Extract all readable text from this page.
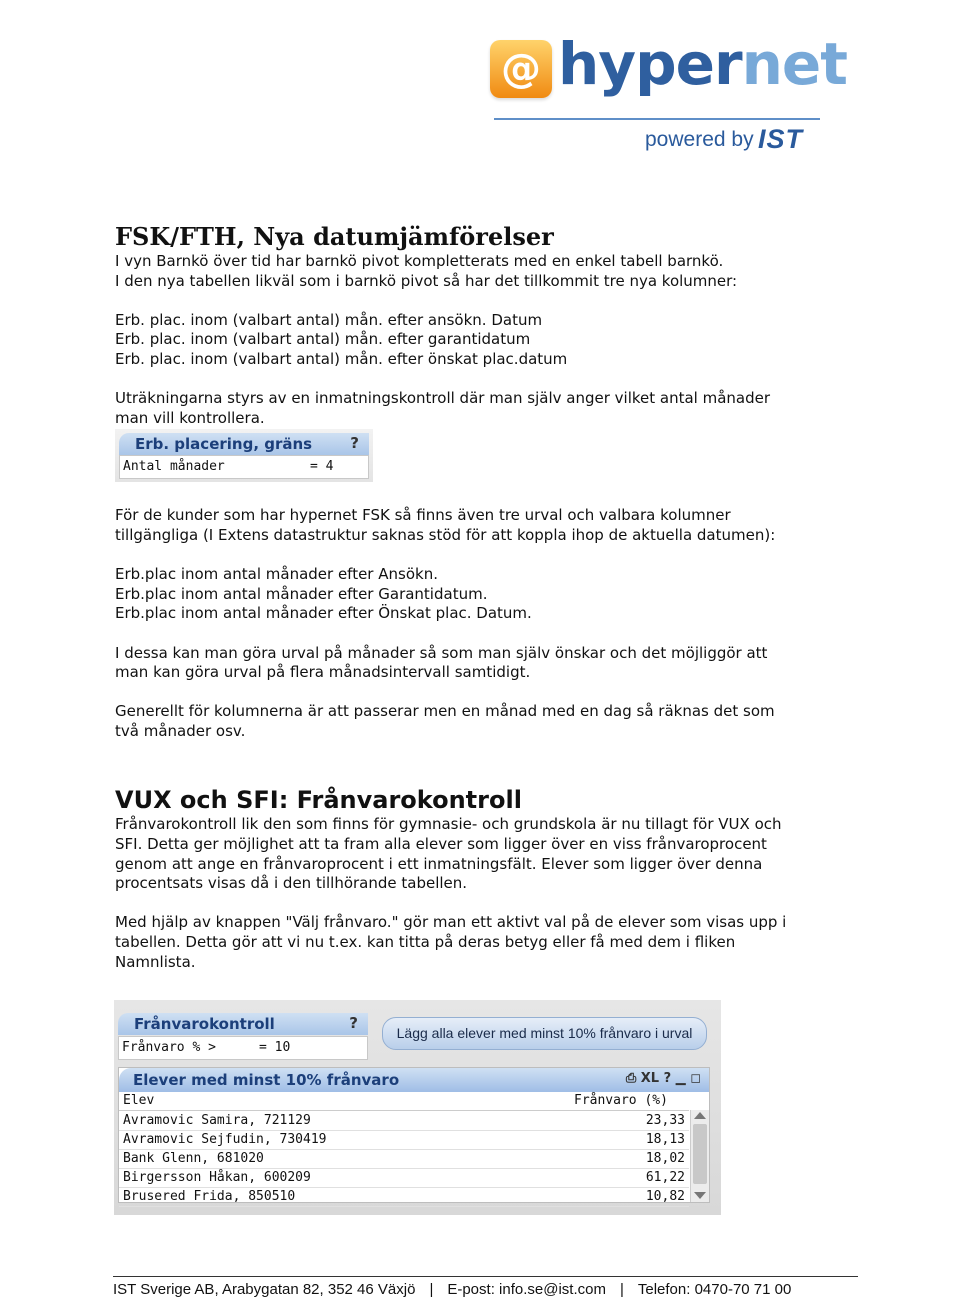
@ hypernet
powered by IST
FSK/FTH, Nya datumjämförelser
I vyn Barnkö över tid har barnkö pivot kompletterats med en enkel tabell barnkö.
I den nya tabellen likväl som i barnkö pivot så har det tillkommit tre nya kolumner:
Erb. plac. inom (valbart antal) mån. efter ansökn. Datum
Erb. plac. inom (valbart antal) mån. efter garantidatum
Erb. plac. inom (valbart antal) mån. efter önskat plac.datum
Uträkningarna styrs av en inmatningskontroll där man själv anger vilket antal månader
man vill kontrollera.
För de kunder som har hypernet FSK så finns även tre urval och valbara kolumner
tillgängliga (I Extens datastruktur saknas stöd för att koppla ihop de aktuella datumen):
Erb.plac inom antal månader efter Ansökn.
Erb.plac inom antal månader efter Garantidatum.
Erb.plac inom antal månader efter Önskat plac. Datum.
I dessa kan man göra urval på månader så som man själv önskar och det möjliggör att
man kan göra urval på flera månadsintervall samtidigt.
Generellt för kolumnerna är att passerar men en månad med en dag så räknas det som
två månader osv.
VUX och SFI: Frånvarokontroll
Frånvarokontroll lik den som finns för gymnasie- och grundskola är nu tillagt för VUX och
SFI. Detta ger möjlighet att ta fram alla elever som ligger över en viss frånvaroprocent
genom att ange en frånvaroprocent i ett inmatningsfält. Elever som ligger över denna
procentsats visas då i den tillhörande tabellen.
Med hjälp av knappen "Välj frånvaro." gör man ett aktivt val på de elever som visas upp i
tabellen. Detta gör att vi nu t.ex. kan titta på deras betyg eller få med dem i fliken
Namnlista.
Erb. placering, gräns	?
Antal månader	= 4
Frånvarokontroll	?
Frånvaro % >	= 10
Lägg alla elever med minst 10% frånvaro i urval
Elever med minst 10% frånvaro	⎙ XL ? ▁ ◻
Elev	Frånvaro (%)
Avramovic Samira, 721129	23,33
Avramovic Sejfudin, 730419	18,13
Bank Glenn, 681020	18,02
Birgersson Håkan, 600209	61,22
Brusered Frida, 850510	10,82
IST Sverige AB, Arabygatan 82, 352 46 Växjö | E-post: info.se@ist.com | Telefon: 0470-70 71 00
